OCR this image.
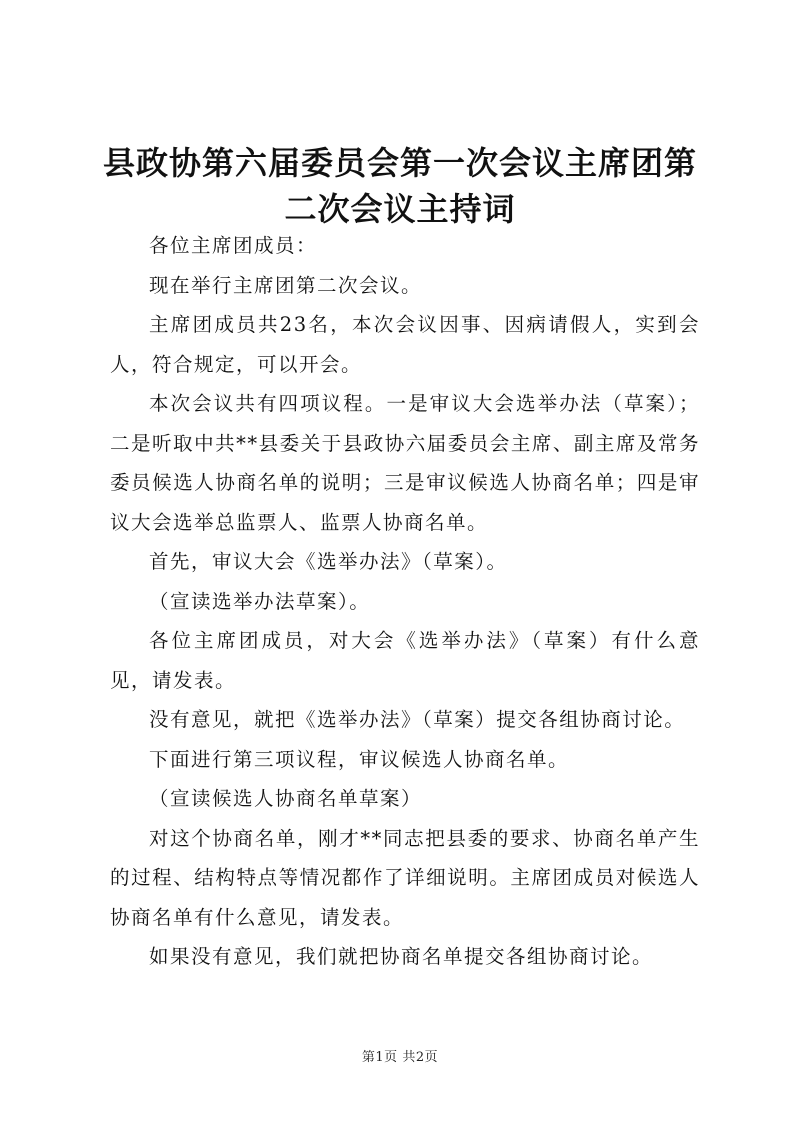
县政协第六届委员会第一次会议主席团第二次会议主持词

各位主席团成员：

现在举行主席团第二次会议。

主席团成员共23名，本次会议因事、因病请假人，实到会人，符合规定，可以开会。

本次会议共有四项议程。一是审议大会选举办法（草案）；二是听取中共**县委关于县政协六届委员会主席、副主席及常务委员候选人协商名单的说明；三是审议候选人协商名单；四是审议大会选举总监票人、监票人协商名单。

首先，审议大会《选举办法》（草案）。

（宣读选举办法草案）。

各位主席团成员，对大会《选举办法》（草案）有什么意见，请发表。

没有意见，就把《选举办法》（草案）提交各组协商讨论。

下面进行第三项议程，审议候选人协商名单。

（宣读候选人协商名单草案）

对这个协商名单，刚才**同志把县委的要求、协商名单产生的过程、结构特点等情况都作了详细说明。主席团成员对候选人协商名单有什么意见，请发表。

如果没有意见，我们就把协商名单提交各组协商讨论。

第1页 共2页
